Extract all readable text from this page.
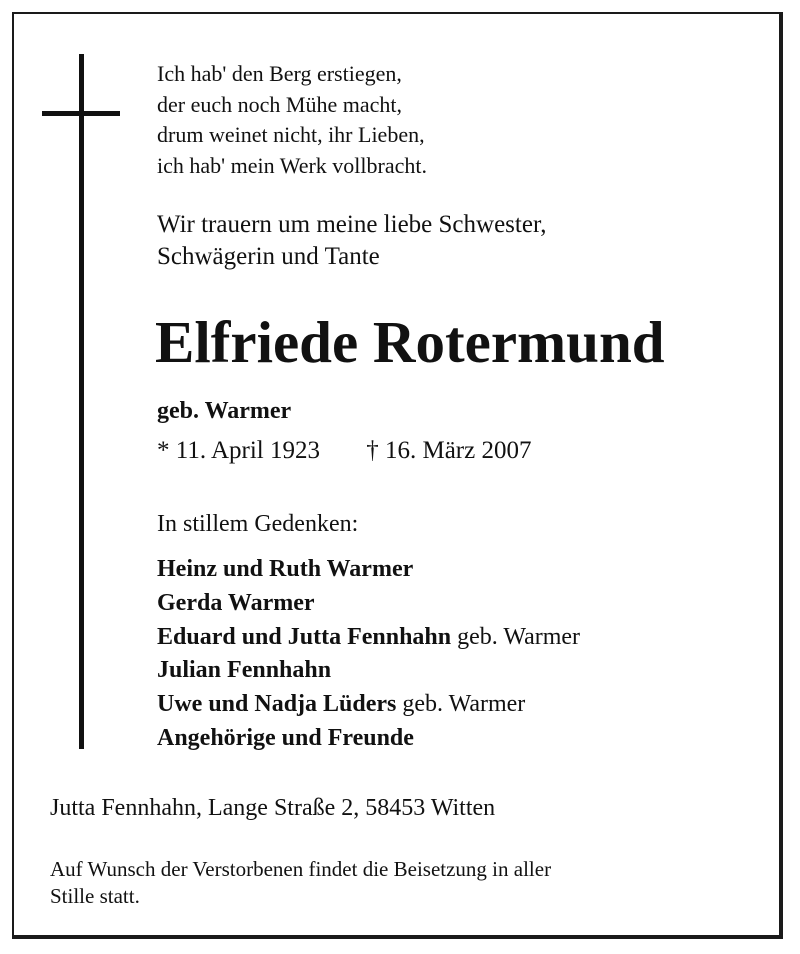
Ich hab' den Berg erstiegen,
der euch noch Mühe macht,
drum weinet nicht, ihr Lieben,
ich hab' mein Werk vollbracht.
Wir trauern um meine liebe Schwester,
Schwägerin und Tante
Elfriede Rotermund
geb. Warmer
* 11. April 1923 † 16. März 2007
In stillem Gedenken:
Heinz und Ruth Warmer
Gerda Warmer
Eduard und Jutta Fennhahn geb. Warmer
Julian Fennhahn
Uwe und Nadja Lüders geb. Warmer
Angehörige und Freunde
Jutta Fennhahn, Lange Straße 2, 58453 Witten
Auf Wunsch der Verstorbenen findet die Beisetzung in aller
Stille statt.
